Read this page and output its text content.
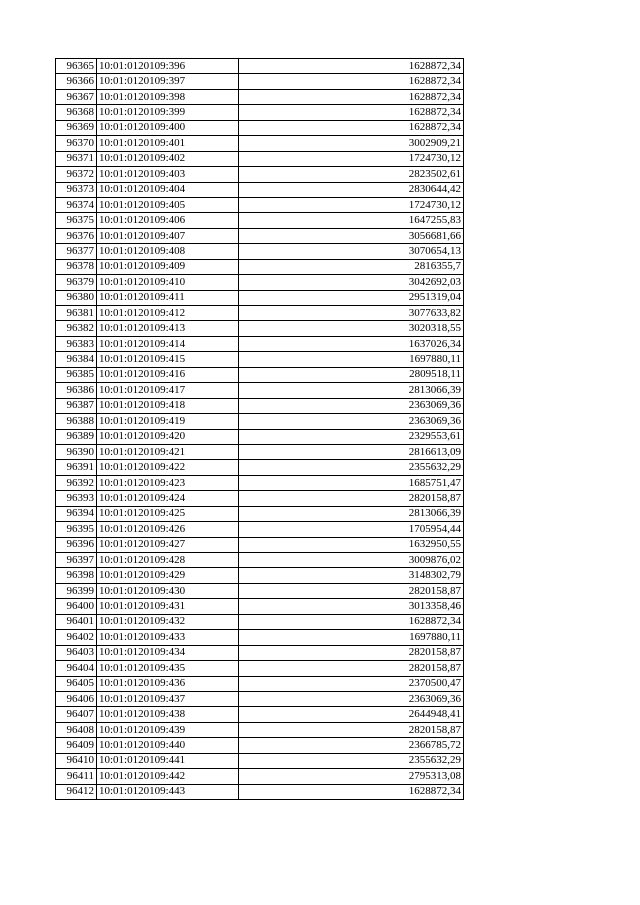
96365	10:01:0120109:396	1628872,34
96366	10:01:0120109:397	1628872,34
96367	10:01:0120109:398	1628872,34
96368	10:01:0120109:399	1628872,34
96369	10:01:0120109:400	1628872,34
96370	10:01:0120109:401	3002909,21
96371	10:01:0120109:402	1724730,12
96372	10:01:0120109:403	2823502,61
96373	10:01:0120109:404	2830644,42
96374	10:01:0120109:405	1724730,12
96375	10:01:0120109:406	1647255,83
96376	10:01:0120109:407	3056681,66
96377	10:01:0120109:408	3070654,13
96378	10:01:0120109:409	2816355,7
96379	10:01:0120109:410	3042692,03
96380	10:01:0120109:411	2951319,04
96381	10:01:0120109:412	3077633,82
96382	10:01:0120109:413	3020318,55
96383	10:01:0120109:414	1637026,34
96384	10:01:0120109:415	1697880,11
96385	10:01:0120109:416	2809518,11
96386	10:01:0120109:417	2813066,39
96387	10:01:0120109:418	2363069,36
96388	10:01:0120109:419	2363069,36
96389	10:01:0120109:420	2329553,61
96390	10:01:0120109:421	2816613,09
96391	10:01:0120109:422	2355632,29
96392	10:01:0120109:423	1685751,47
96393	10:01:0120109:424	2820158,87
96394	10:01:0120109:425	2813066,39
96395	10:01:0120109:426	1705954,44
96396	10:01:0120109:427	1632950,55
96397	10:01:0120109:428	3009876,02
96398	10:01:0120109:429	3148302,79
96399	10:01:0120109:430	2820158,87
96400	10:01:0120109:431	3013358,46
96401	10:01:0120109:432	1628872,34
96402	10:01:0120109:433	1697880,11
96403	10:01:0120109:434	2820158,87
96404	10:01:0120109:435	2820158,87
96405	10:01:0120109:436	2370500,47
96406	10:01:0120109:437	2363069,36
96407	10:01:0120109:438	2644948,41
96408	10:01:0120109:439	2820158,87
96409	10:01:0120109:440	2366785,72
96410	10:01:0120109:441	2355632,29
96411	10:01:0120109:442	2795313,08
96412	10:01:0120109:443	1628872,34
